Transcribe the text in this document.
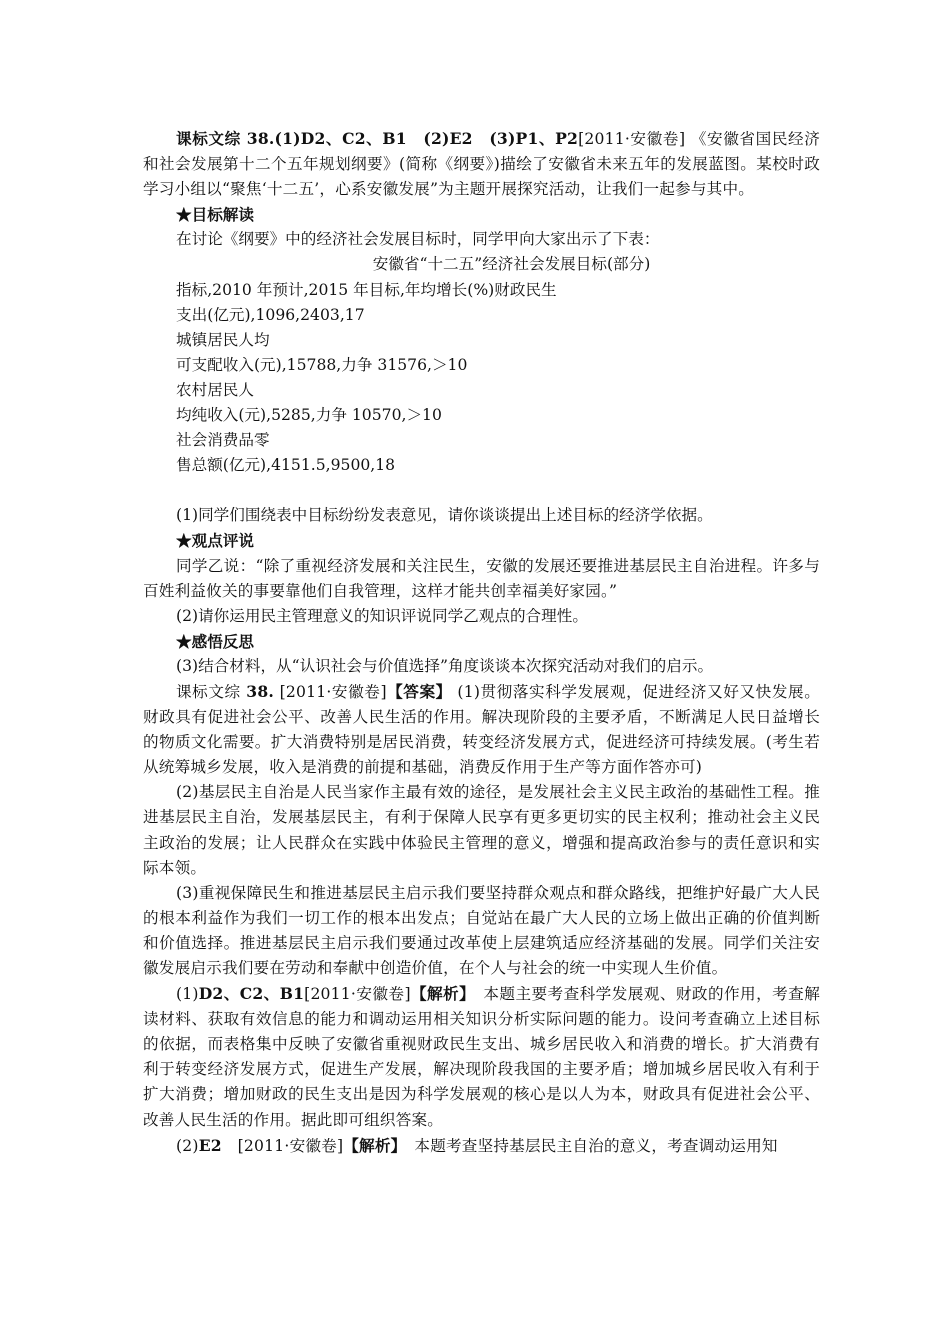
课标文综 38.(1)D2、C2、B1　(2)E2　(3)P1、P2[2011·安徽卷] 《安徽省国民经济和社会发展第十二个五年规划纲要》(简称《纲要》)描绘了安徽省未来五年的发展蓝图。某校时政学习小组以“聚焦‘十二五’，心系安徽发展”为主题开展探究活动，让我们一起参与其中。

★目标解读

在讨论《纲要》中的经济社会发展目标时，同学甲向大家出示了下表：

安徽省“十二五”经济社会发展目标(部分)

指标,2010 年预计,2015 年目标,年均增长(%)财政民生

支出(亿元),1096,2403,17

城镇居民人均

可支配收入(元),15788,力争 31576,＞10

农村居民人

均纯收入(元),5285,力争 10570,＞10

社会消费品零

售总额(亿元),4151.5,9500,18

(1)同学们围绕表中目标纷纷发表意见，请你谈谈提出上述目标的经济学依据。

★观点评说

同学乙说：“除了重视经济发展和关注民生，安徽的发展还要推进基层民主自治进程。许多与百姓利益攸关的事要靠他们自我管理，这样才能共创幸福美好家园。”

(2)请你运用民主管理意义的知识评说同学乙观点的合理性。

★感悟反思

(3)结合材料，从“认识社会与价值选择”角度谈谈本次探究活动对我们的启示。

课标文综 38. [2011·安徽卷]【答案】 (1)贯彻落实科学发展观，促进经济又好又快发展。财政具有促进社会公平、改善人民生活的作用。解决现阶段的主要矛盾，不断满足人民日益增长的物质文化需要。扩大消费特别是居民消费，转变经济发展方式，促进经济可持续发展。(考生若从统筹城乡发展，收入是消费的前提和基础，消费反作用于生产等方面作答亦可)

(2)基层民主自治是人民当家作主最有效的途径，是发展社会主义民主政治的基础性工程。推进基层民主自治，发展基层民主，有利于保障人民享有更多更切实的民主权利；推动社会主义民主政治的发展；让人民群众在实践中体验民主管理的意义，增强和提高政治参与的责任意识和实际本领。

(3)重视保障民生和推进基层民主启示我们要坚持群众观点和群众路线，把维护好最广大人民的根本利益作为我们一切工作的根本出发点；自觉站在最广大人民的立场上做出正确的价值判断和价值选择。推进基层民主启示我们要通过改革使上层建筑适应经济基础的发展。同学们关注安徽发展启示我们要在劳动和奉献中创造价值，在个人与社会的统一中实现人生价值。

(1)D2、C2、B1[2011·安徽卷]【解析】　本题主要考查科学发展观、财政的作用，考查解读材料、获取有效信息的能力和调动运用相关知识分析实际问题的能力。设问考查确立上述目标的依据，而表格集中反映了安徽省重视财政民生支出、城乡居民收入和消费的增长。扩大消费有利于转变经济发展方式，促进生产发展，解决现阶段我国的主要矛盾；增加城乡居民收入有利于扩大消费；增加财政的民生支出是因为科学发展观的核心是以人为本，财政具有促进社会公平、改善人民生活的作用。据此即可组织答案。

(2)E2　[2011·安徽卷]【解析】　本题考查坚持基层民主自治的意义，考查调动运用知
